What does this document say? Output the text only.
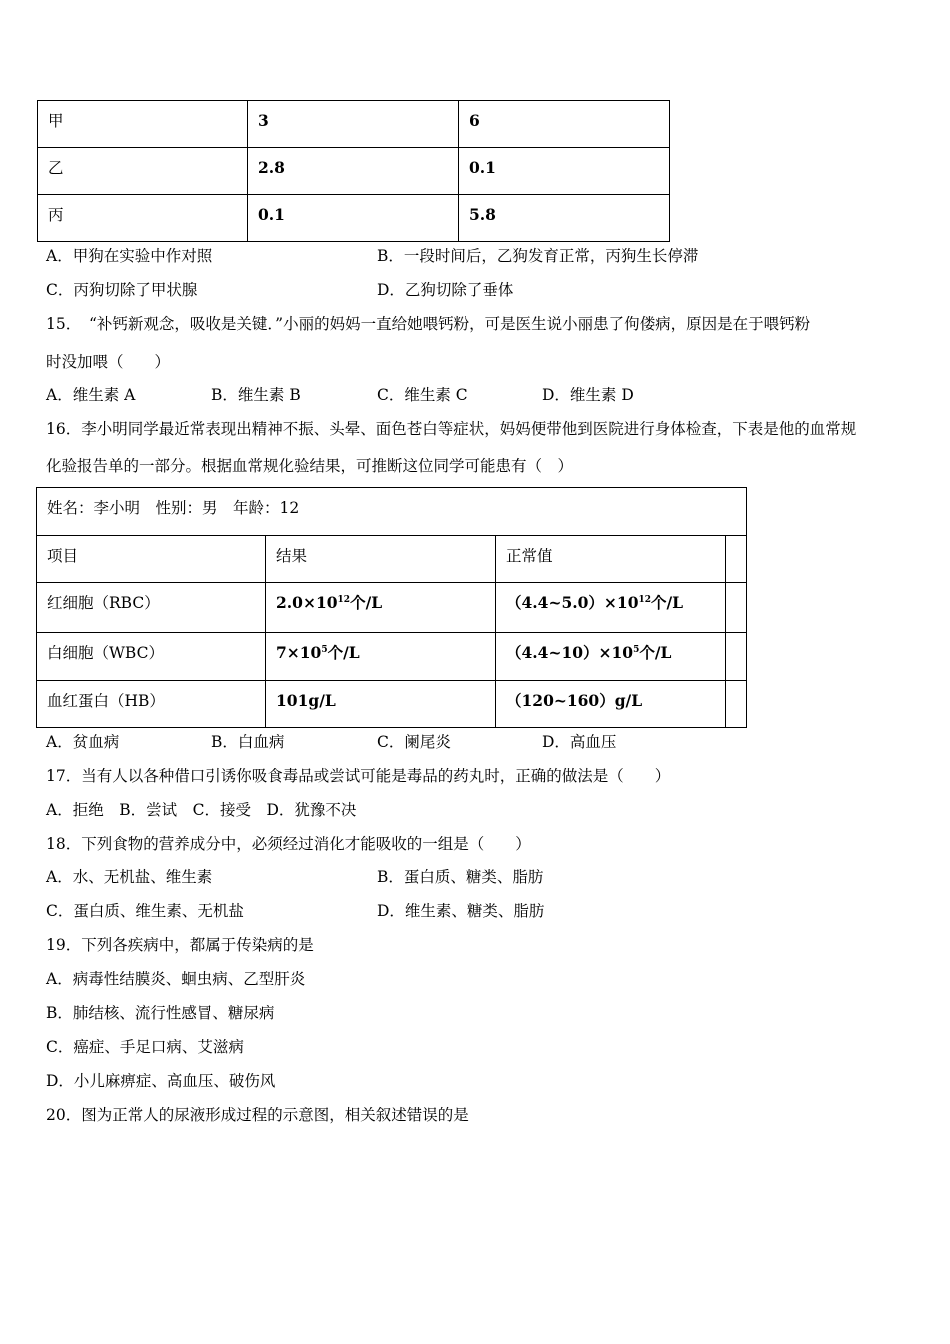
甲	3	6

乙	2.8	0.1

丙	0.1	5.8
A．甲狗在实验中作对照	B．一段时间后，乙狗发育正常，丙狗生长停滞
C．丙狗切除了甲状腺	D．乙狗切除了垂体
15．　“补钙新观念，吸收是关键．”小丽的妈妈一直给她喂钙粉，可是医生说小丽患了佝偻病，原因是在于喂钙粉
时没加喂（　　）
A．维生素 A	B．维生素 B	C．维生素 C	D．维生素 D
16．李小明同学最近常表现出精神不振、头晕、面色苍白等症状，妈妈便带他到医院进行身体检查，下表是他的血常规
化验报告单的一部分。根据血常规化验结果，可推断这位同学可能患有（　）
姓名：李小明　性别：男　年龄：12			

项目	结果	正常值	

红细胞（RBC）	$2.0\times 10^{12}$个/L	$(4.4\sim 5.0)\times 10^{12}$个/L	

白细胞（WBC）	$7\times 10^5$个/L	$(4.4\sim 10)\times 10^5$个/L	

血红蛋白（HB）	101g/L	（120~160）g/L	

A．贫血病	B．白血病	C．阑尾炎	D．高血压
17．当有人以各种借口引诱你吸食毒品或尝试可能是毒品的药丸时，正确的做法是（　　）
A．拒绝　B．尝试　C．接受　D．犹豫不决
18．下列食物的营养成分中，必须经过消化才能吸收的一组是（　　）
A．水、无机盐、维生素	B．蛋白质、糖类、脂肪
C．蛋白质、维生素、无机盐	D．维生素、糖类、脂肪
19．下列各疾病中，都属于传染病的是
A．病毒性结膜炎、蛔虫病、乙型肝炎
B．肺结核、流行性感冒、糖尿病
C．癌症、手足口病、艾滋病
D．小儿麻痹症、高血压、破伤风
20．图为正常人的尿液形成过程的示意图，相关叙述错误的是
